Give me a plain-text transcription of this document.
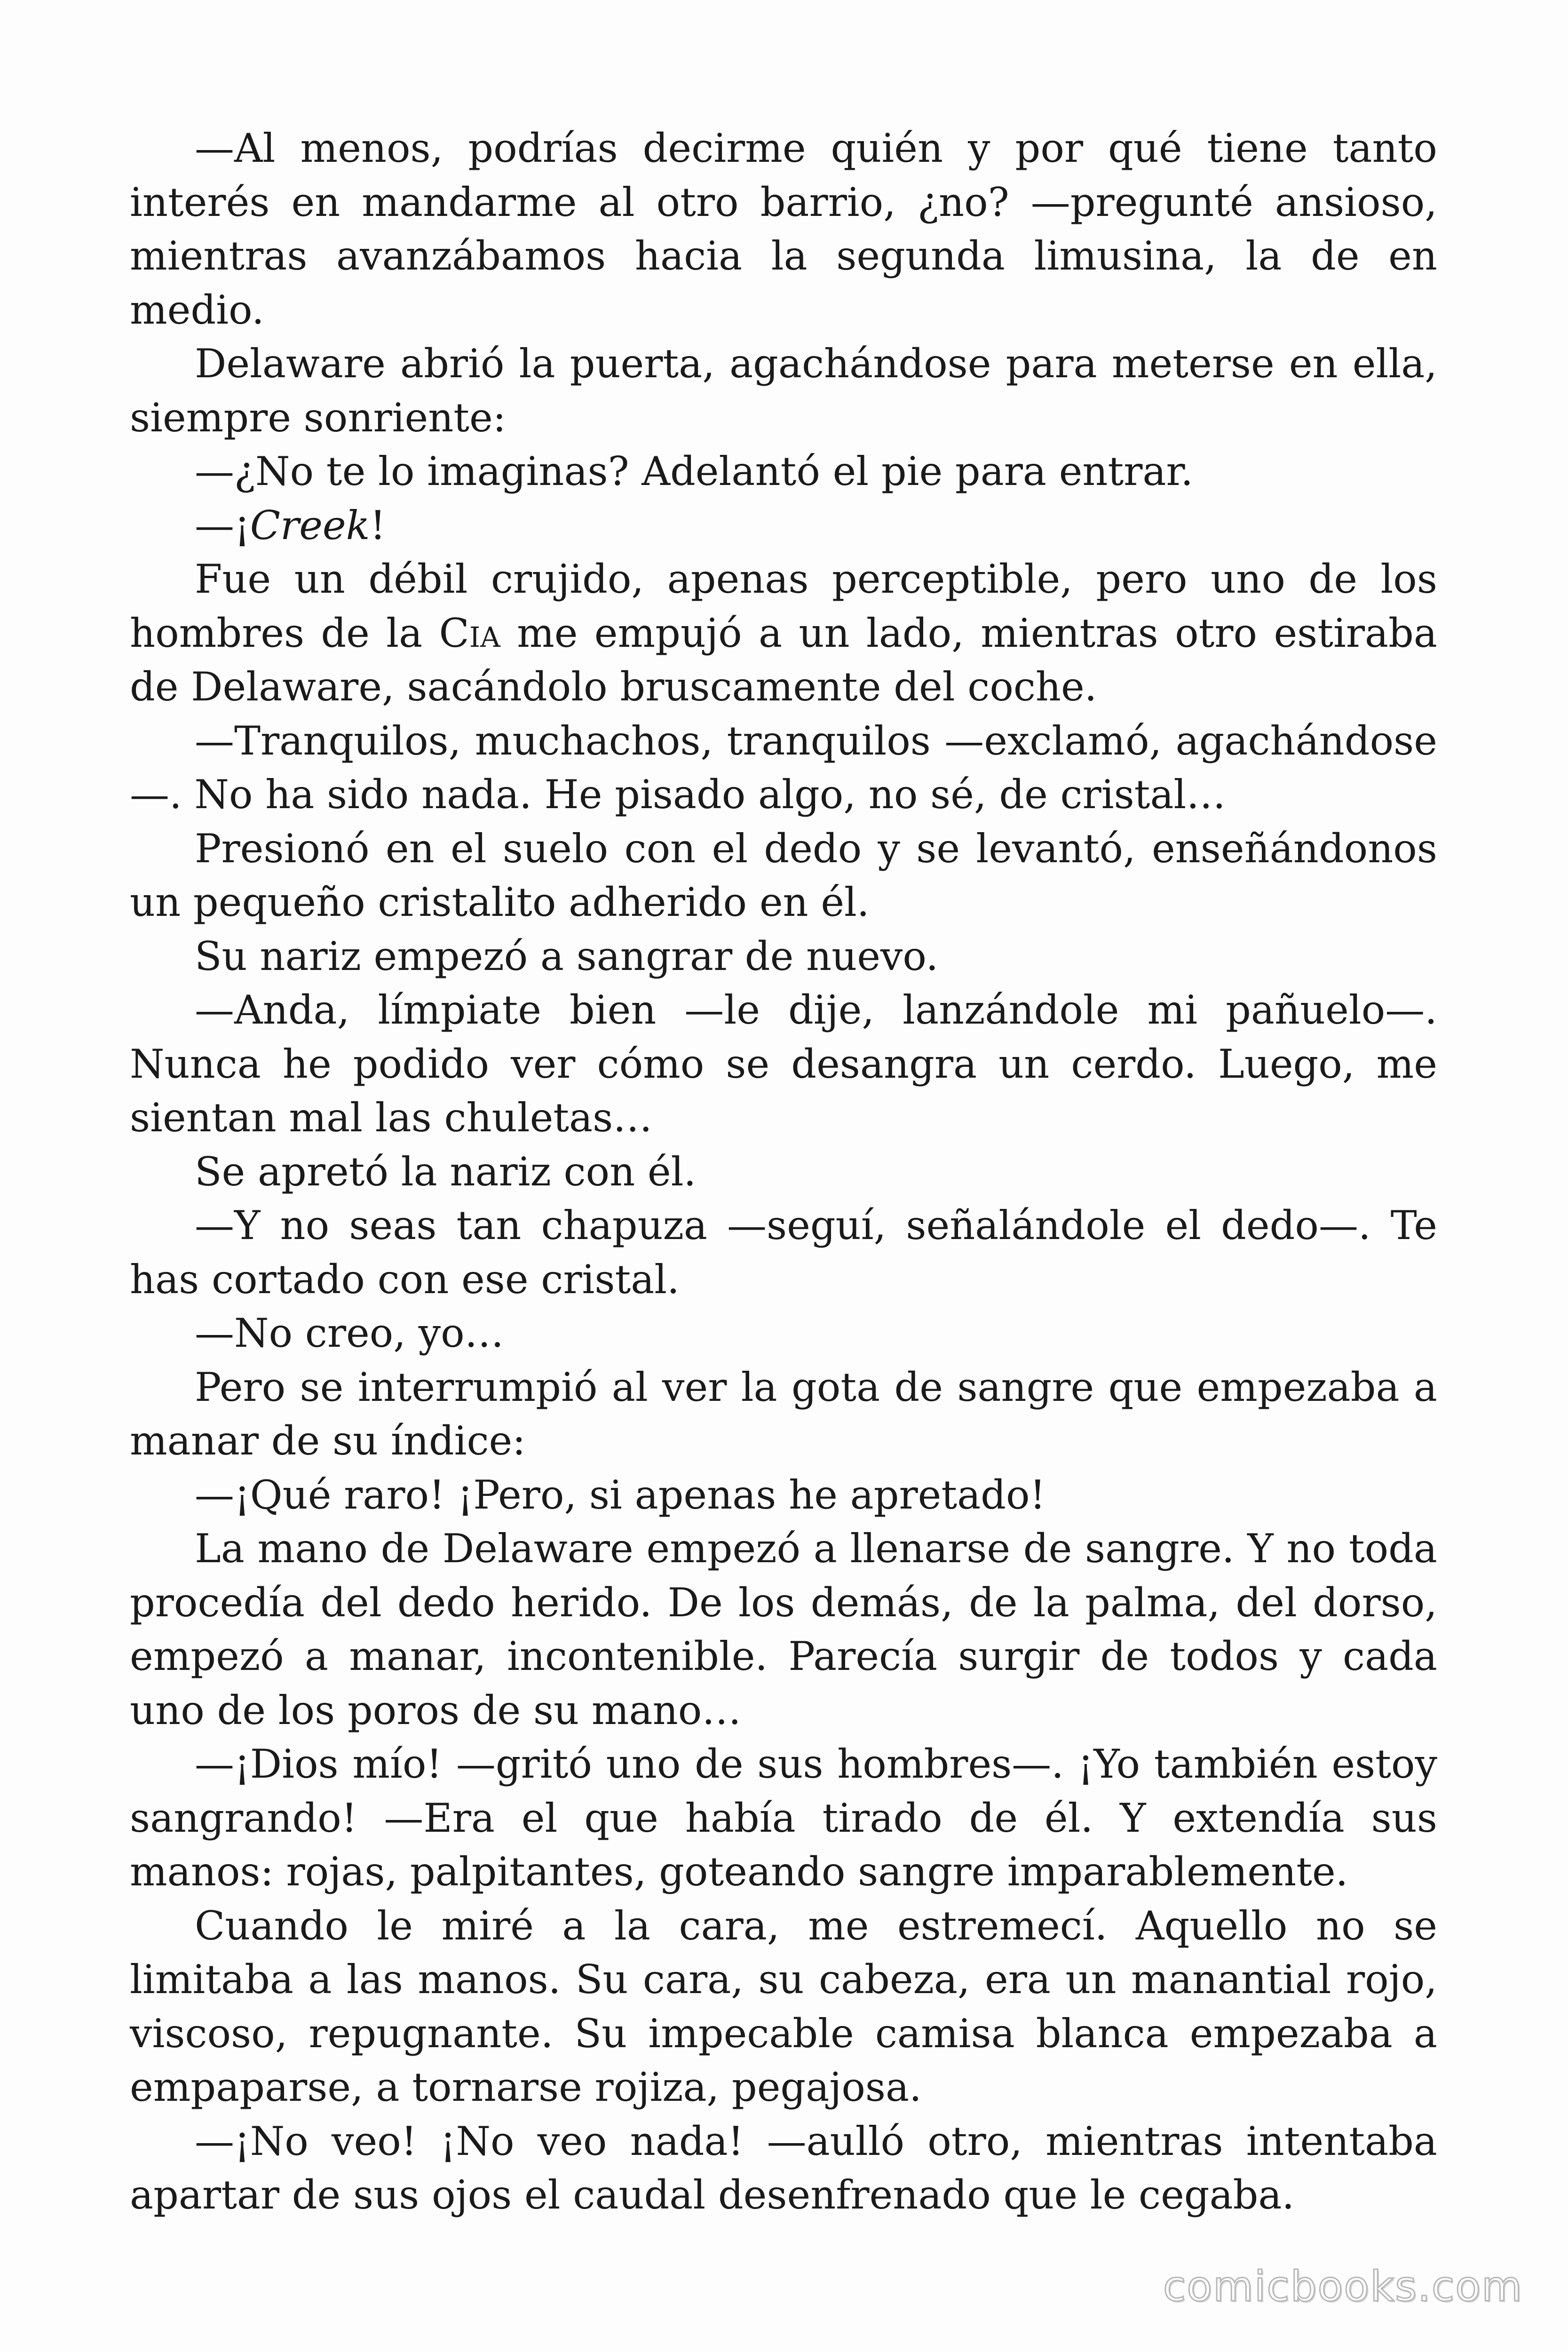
—Al menos, podrías decirme quién y por qué tiene tanto interés en mandarme al otro barrio, ¿no? —pregunté ansioso, mientras avanzábamos hacia la segunda limusina, la de en medio.

Delaware abrió la puerta, agachándose para meterse en ella, siempre sonriente:

—¿No te lo imaginas? Adelantó el pie para entrar.

—¡Creek!

Fue un débil crujido, apenas perceptible, pero uno de los hombres de la Cia me empujó a un lado, mientras otro estiraba de Delaware, sacándolo bruscamente del coche.

—Tranquilos, muchachos, tranquilos —exclamó, agachándose—. No ha sido nada. He pisado algo, no sé, de cristal…

Presionó en el suelo con el dedo y se levantó, enseñándonos un pequeño cristalito adherido en él.

Su nariz empezó a sangrar de nuevo.

—Anda, límpiate bien —le dije, lanzándole mi pañuelo—. Nunca he podido ver cómo se desangra un cerdo. Luego, me sientan mal las chuletas…

Se apretó la nariz con él.

—Y no seas tan chapuza —seguí, señalándole el dedo—. Te has cortado con ese cristal.

—No creo, yo…

Pero se interrumpió al ver la gota de sangre que empezaba a manar de su índice:

—¡Qué raro! ¡Pero, si apenas he apretado!

La mano de Delaware empezó a llenarse de sangre. Y no toda procedía del dedo herido. De los demás, de la palma, del dorso, empezó a manar, incontenible. Parecía surgir de todos y cada uno de los poros de su mano…

—¡Dios mío! —gritó uno de sus hombres—. ¡Yo también estoy sangrando! —Era el que había tirado de él. Y extendía sus manos: rojas, palpitantes, goteando sangre imparablemente.

Cuando le miré a la cara, me estremecí. Aquello no se limitaba a las manos. Su cara, su cabeza, era un manantial rojo, viscoso, repugnante. Su impecable camisa blanca empezaba a empaparse, a tornarse rojiza, pegajosa.

—¡No veo! ¡No veo nada! —aulló otro, mientras intentaba apartar de sus ojos el caudal desenfrenado que le cegaba.

comicbooks.com
